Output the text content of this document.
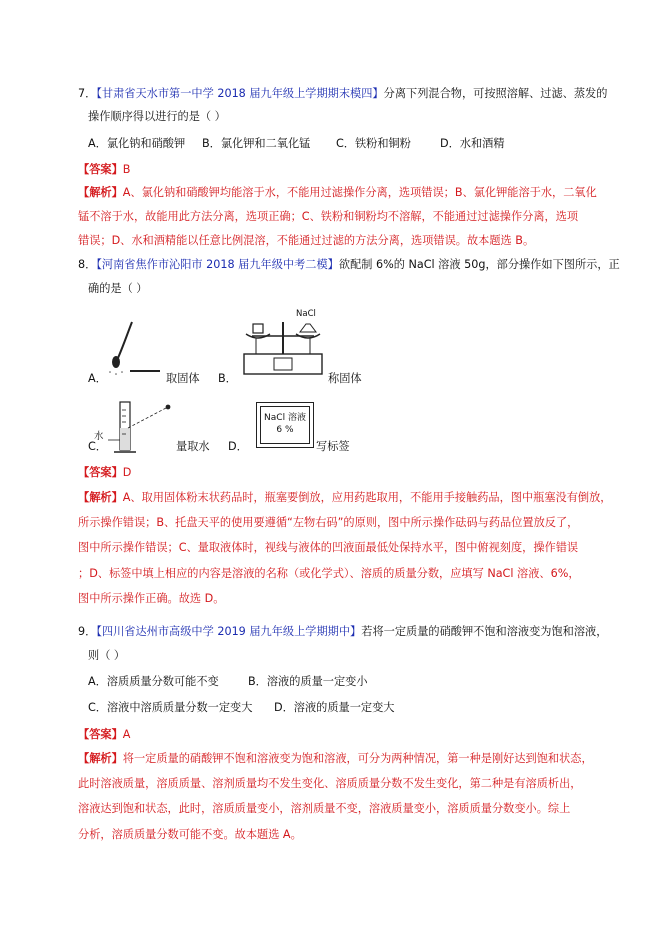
7．【甘肃省天水市第一中学 2018 届九年级上学期期末模四】分离下列混合物，可按照溶解、过滤、蒸发的
操作顺序得以进行的是（ ）
A．氯化钠和硝酸钾 B．氯化钾和二氧化锰 C．铁粉和铜粉	D．水和酒精
【答案】B
【解析】A、氯化钠和硝酸钾均能溶于水，不能用过滤操作分离，选项错误；B、氯化钾能溶于水，二氧化
锰不溶于水，故能用此方法分离，选项正确；C、铁粉和铜粉均不溶解，不能通过过滤操作分离，选项
错误；D、水和酒精能以任意比例混溶，不能通过过滤的方法分离，选项错误。故本题选 B。
8．【河南省焦作市沁阳市 2018 届九年级中考二模】欲配制 6%的 NaCl 溶液 50g，部分操作如下图所示，正
确的是（ ）
A．	取固体 B．
NaCl
称固体
C．
水
量取水 D．
NaCl 溶液
6 %
写标签
【答案】D
【解析】A、取用固体粉末状药品时，瓶塞要倒放，应用药匙取用，不能用手接触药品，图中瓶塞没有倒放，
所示操作错误；B、托盘天平的使用要遵循“左物右码”的原则，图中所示操作砝码与药品位置放反了，
图中所示操作错误；C、量取液体时，视线与液体的凹液面最低处保持水平，图中俯视刻度，操作错误
；D、标签中填上相应的内容是溶液的名称（或化学式）、溶质的质量分数，应填写 NaCl 溶液、6%，
图中所示操作正确。故选 D。
9．【四川省达州市高级中学 2019 届九年级上学期期中】若将一定质量的硝酸钾不饱和溶液变为饱和溶液，
则（ ）
A．溶质质量分数可能不变	B．溶液的质量一定变小
C．溶液中溶质质量分数一定变大 D．溶液的质量一定变大
【答案】A
【解析】将一定质量的硝酸钾不饱和溶液变为饱和溶液，可分为两种情况，第一种是刚好达到饱和状态，
此时溶液质量，溶质质量、溶剂质量均不发生变化、溶质质量分数不发生变化，第二种是有溶质析出，
溶液达到饱和状态，此时，溶质质量变小，溶剂质量不变，溶液质量变小，溶质质量分数变小。综上
分析，溶质质量分数可能不变。故本题选 A。
